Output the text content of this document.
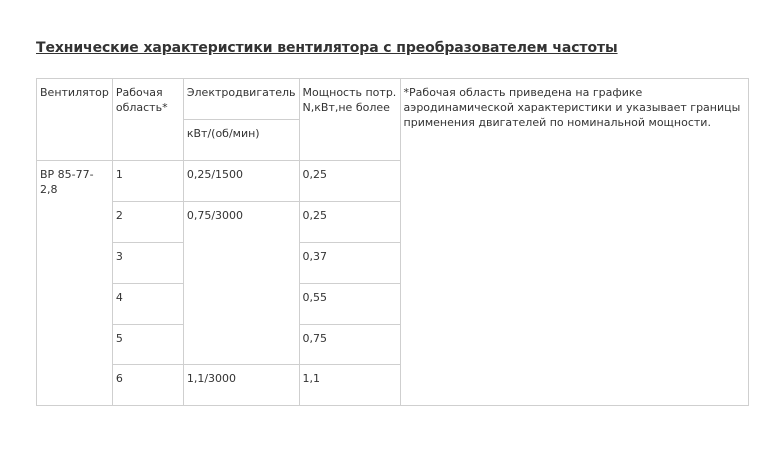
Технические характеристики вентилятора с преобразователем частоты
Вентилятор	Рабочая область*	Электродвигатель	Мощность потр. N,кВт,не более	*Рабочая область приведена на графике аэродинамической характеристики и указывает границы применения двигателей по номинальной мощности.
		кВт/(об/мин)		
ВР 85-77-2,8	1	0,25/1500	0,25	
	2	0,75/3000	0,25	
	3		0,37	
	4		0,55	
	5		0,75	
	6	1,1/3000	1,1	
